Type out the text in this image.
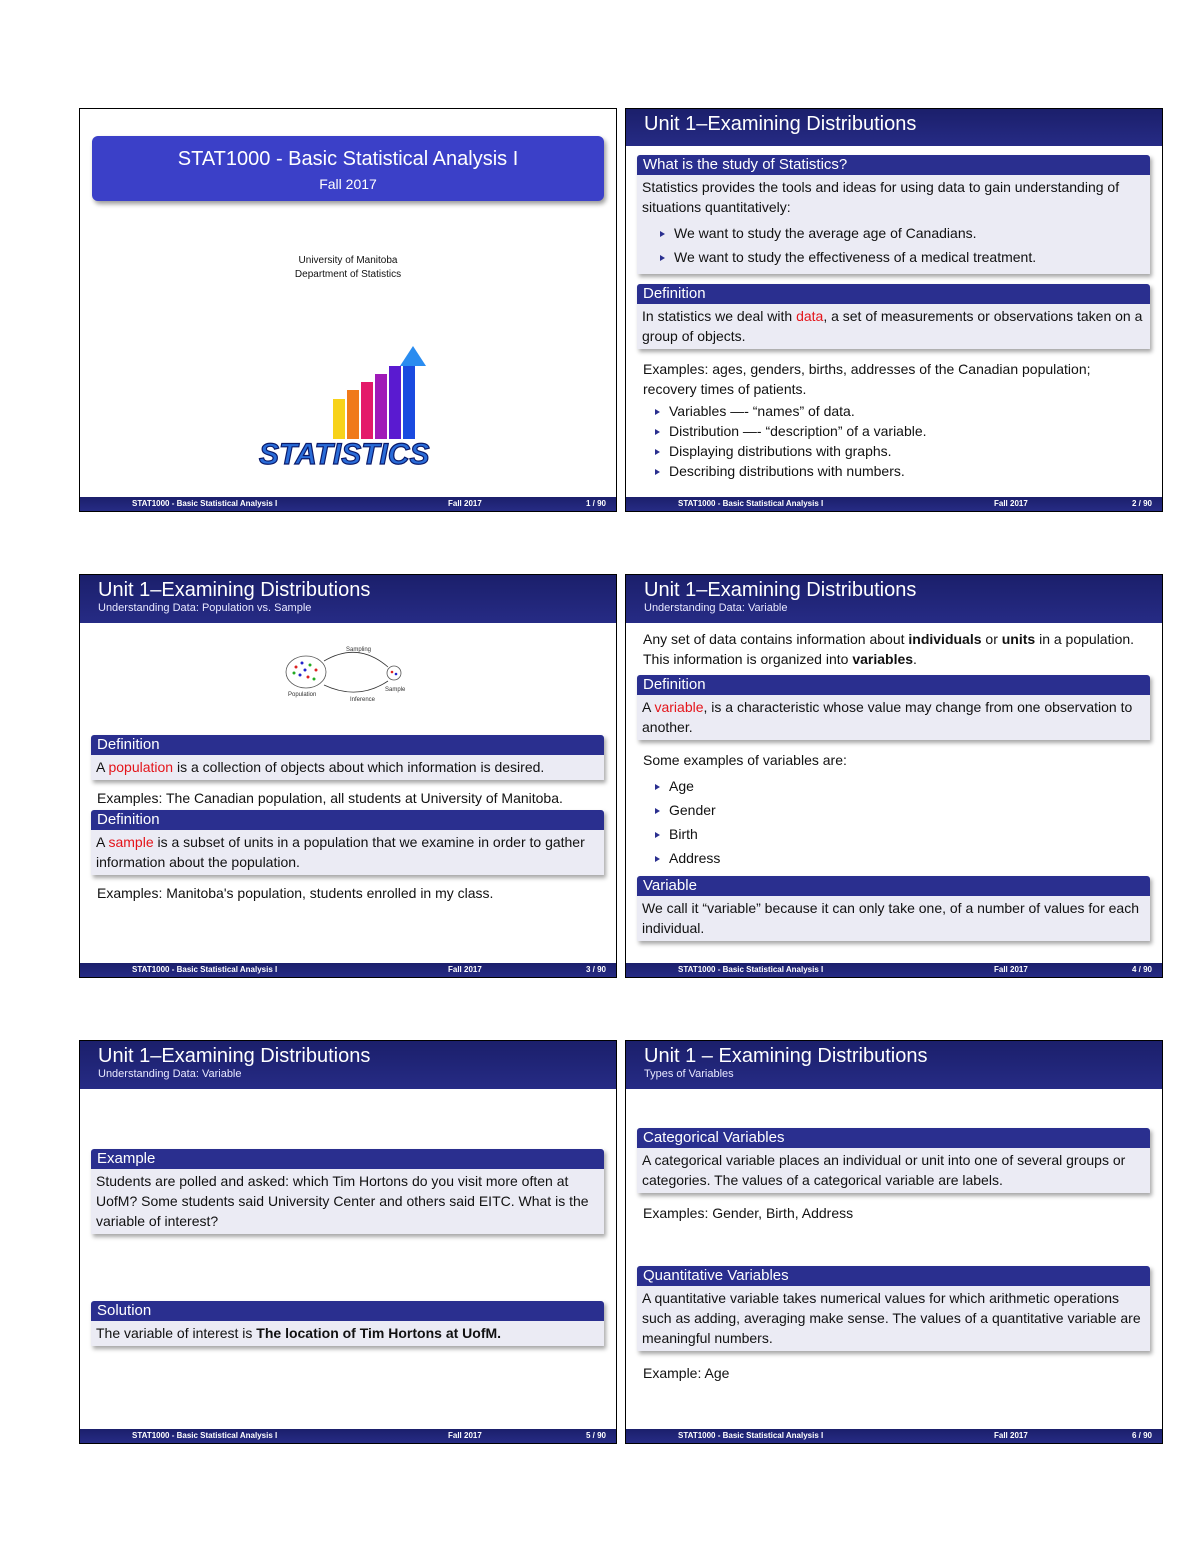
STAT1000 - Basic Statistical Analysis I
Fall 2017
University of Manitoba
Department of Statistics
STATISTICS
STAT1000 - Basic Statistical Analysis I	Fall 2017	1 / 90
Unit 1–Examining Distributions
What is the study of Statistics?
Statistics provides the tools and ideas for using data to gain understanding of situations quantitatively:
We want to study the average age of Canadians.
We want to study the effectiveness of a medical treatment.
Definition
In statistics we deal with data, a set of measurements or observations taken on a group of objects.
Examples: ages, genders, births, addresses of the Canadian population; recovery times of patients.
Variables —- “names” of data.
Distribution —- “description” of a variable.
Displaying distributions with graphs.
Describing distributions with numbers.
STAT1000 - Basic Statistical Analysis I	Fall 2017	2 / 90
Unit 1–Examining Distributions
Understanding Data: Population vs. Sample
Population
Sample
Sampling
Inference
Definition
A population is a collection of objects about which information is desired.
Examples: The Canadian population, all students at University of Manitoba.
Definition
A sample is a subset of units in a population that we examine in order to gather information about the population.
Examples: Manitoba's population, students enrolled in my class.
STAT1000 - Basic Statistical Analysis I	Fall 2017	3 / 90
Unit 1–Examining Distributions
Understanding Data: Variable
Any set of data contains information about individuals or units in a population. This information is organized into variables.
Definition
A variable, is a characteristic whose value may change from one observation to another.
Some examples of variables are:
Age
Gender
Birth
Address
Variable
We call it “variable” because it can only take one, of a number of values for each individual.
STAT1000 - Basic Statistical Analysis I	Fall 2017	4 / 90
Unit 1–Examining Distributions
Understanding Data: Variable
Example
Students are polled and asked: which Tim Hortons do you visit more often at UofM? Some students said University Center and others said EITC. What is the variable of interest?
Solution
The variable of interest is The location of Tim Hortons at UofM.
STAT1000 - Basic Statistical Analysis I	Fall 2017	5 / 90
Unit 1 – Examining Distributions
Types of Variables
Categorical Variables
A categorical variable places an individual or unit into one of several groups or categories. The values of a categorical variable are labels.
Examples: Gender, Birth, Address
Quantitative Variables
A quantitative variable takes numerical values for which arithmetic operations such as adding, averaging make sense. The values of a quantitative variable are meaningful numbers.
Example: Age
STAT1000 - Basic Statistical Analysis I	Fall 2017	6 / 90
